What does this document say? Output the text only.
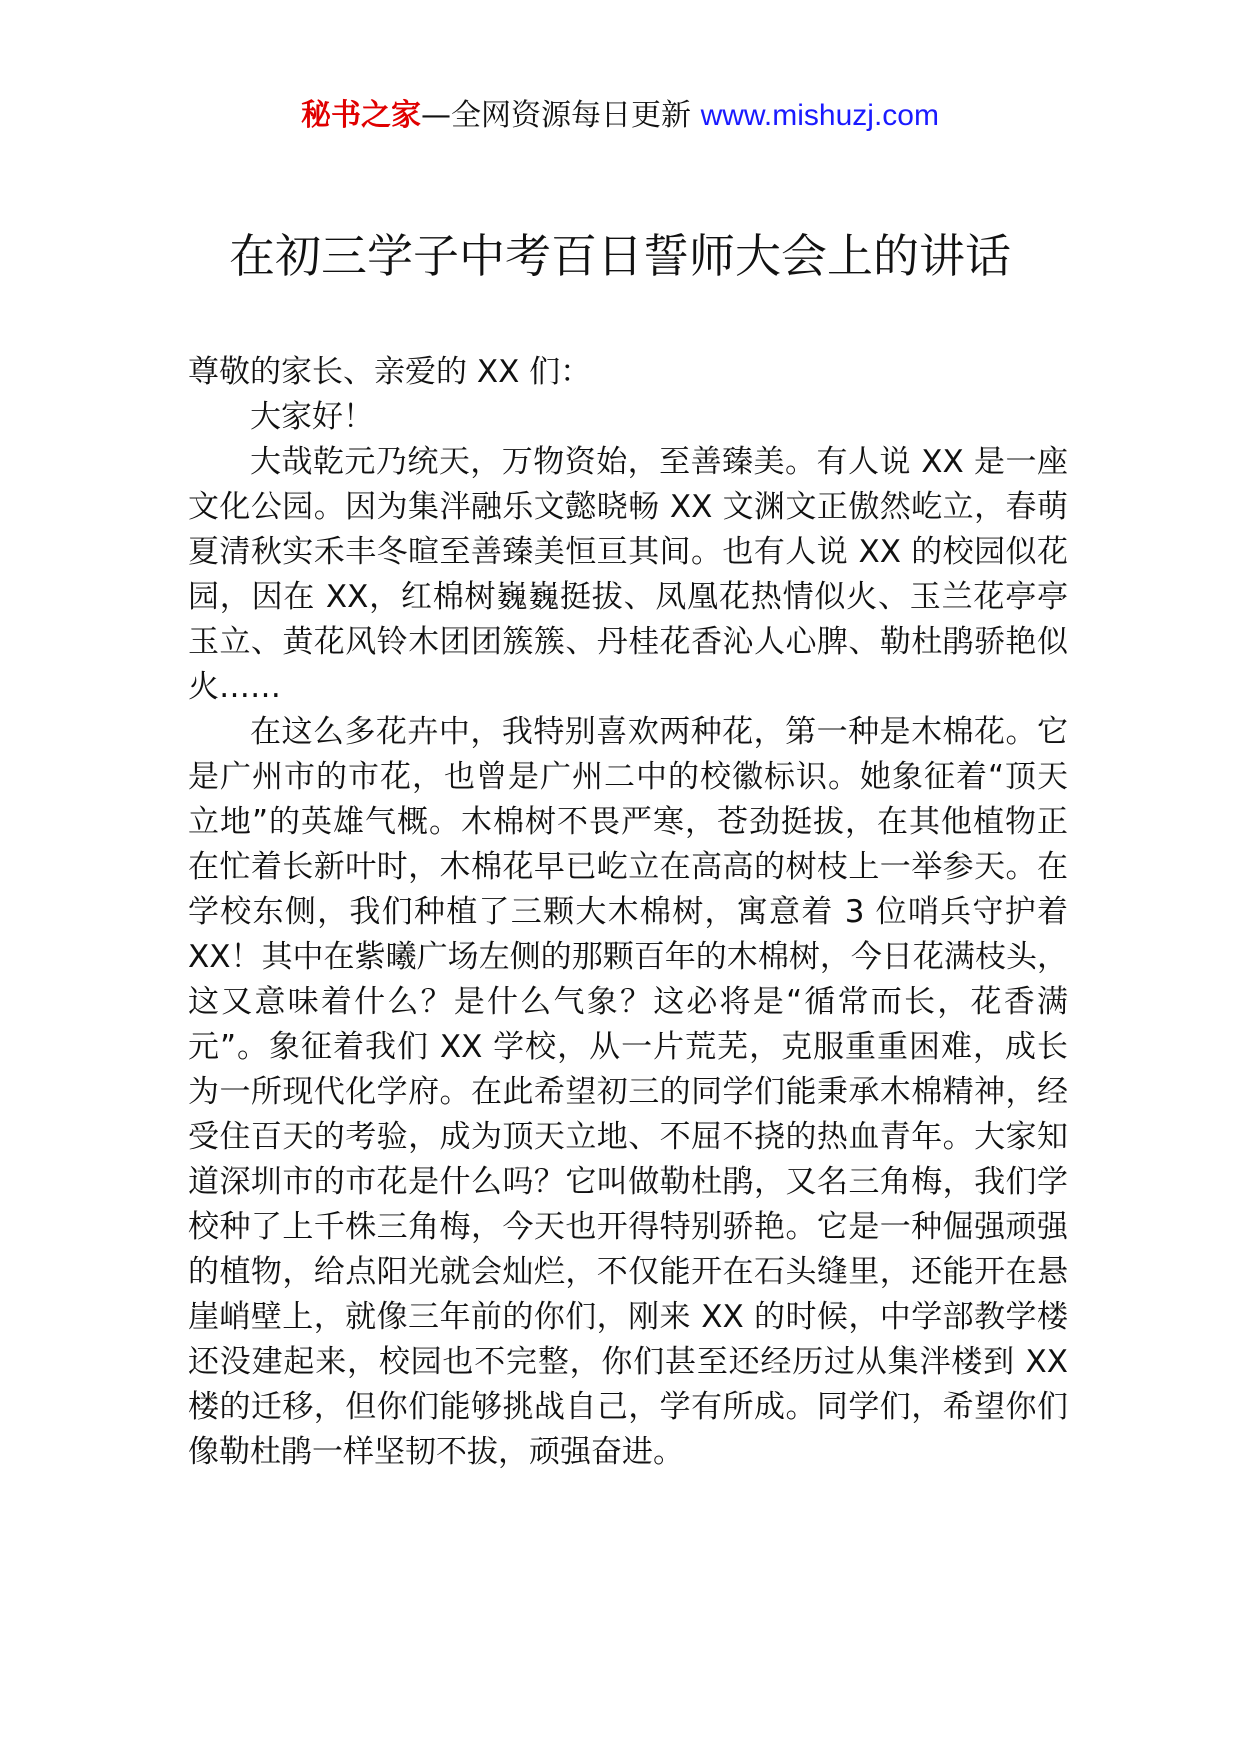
秘书之家—全网资源每日更新 www.mishuzj.com
在初三学子中考百日誓师大会上的讲话

尊敬的家长、亲爱的 XX 们：

大家好！

大哉乾元乃统天，万物资始，至善臻美。有人说 XX 是一座文化公园。因为集泮融乐文懿晓畅 XX 文渊文正傲然屹立，春萌夏清秋实禾丰冬暄至善臻美恒亘其间。也有人说 XX 的校园似花园，因在 XX，红棉树巍巍挺拔、凤凰花热情似火、玉兰花亭亭玉立、黄花风铃木团团簇簇、丹桂花香沁人心脾、勒杜鹃骄艳似火……

在这么多花卉中，我特别喜欢两种花，第一种是木棉花。它是广州市的市花，也曾是广州二中的校徽标识。她象征着“顶天立地”的英雄气概。木棉树不畏严寒，苍劲挺拔，在其他植物正在忙着长新叶时，木棉花早已屹立在高高的树枝上一举参天。在学校东侧，我们种植了三颗大木棉树，寓意着 3 位哨兵守护着 XX！其中在紫曦广场左侧的那颗百年的木棉树，今日花满枝头，这又意味着什么？是什么气象？这必将是“循常而长，花香满元”。象征着我们 XX 学校，从一片荒芜，克服重重困难，成长为一所现代化学府。在此希望初三的同学们能秉承木棉精神，经受住百天的考验，成为顶天立地、不屈不挠的热血青年。大家知道深圳市的市花是什么吗？它叫做勒杜鹃，又名三角梅，我们学校种了上千株三角梅，今天也开得特别骄艳。它是一种倔强顽强的植物，给点阳光就会灿烂，不仅能开在石头缝里，还能开在悬崖峭壁上，就像三年前的你们，刚来 XX 的时候，中学部教学楼还没建起来，校园也不完整，你们甚至还经历过从集泮楼到 XX 楼的迁移，但你们能够挑战自己，学有所成。同学们，希望你们像勒杜鹃一样坚韧不拔，顽强奋进。
